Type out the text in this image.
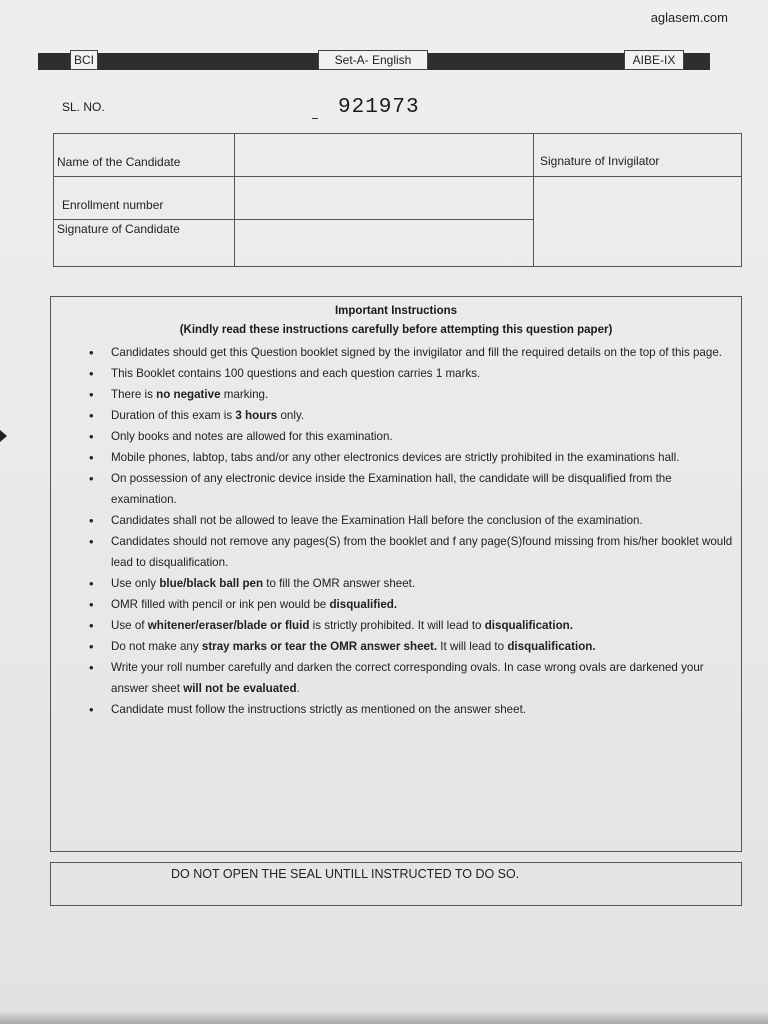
aglasem.com
BCI	Set-A- English	AIBE-IX
SL. NO.	921973
Name of the Candidate
Enrollment number
Signature of Candidate
Signature of Invigilator
Important Instructions
(Kindly read these instructions carefully before attempting this question paper)
• Candidates should get this Question booklet signed by the invigilator and fill the required details on the top of this page.
• This Booklet contains 100 questions and each question carries 1 marks.
• There is no negative marking.
• Duration of this exam is 3 hours only.
• Only books and notes are allowed for this examination.
• Mobile phones, labtop, tabs and/or any other electronics devices are strictly prohibited in the examinations hall.
• On possession of any electronic device inside the Examination hall, the candidate will be disqualified from the examination.
• Candidates shall not be allowed to leave the Examination Hall before the conclusion of the examination.
• Candidates should not remove any pages(S) from the booklet and f any page(S)found missing from his/her booklet would lead to disqualification.
• Use only blue/black ball pen to fill the OMR answer sheet.
• OMR filled with pencil or ink pen would be disqualified.
• Use of whitener/eraser/blade or fluid is strictly prohibited. It will lead to disqualification.
• Do not make any stray marks or tear the OMR answer sheet. It will lead to disqualification.
• Write your roll number carefully and darken the correct corresponding ovals. In case wrong ovals are darkened your answer sheet will not be evaluated.
• Candidate must follow the instructions strictly as mentioned on the answer sheet.
DO NOT OPEN THE SEAL UNTILL INSTRUCTED TO DO SO.
